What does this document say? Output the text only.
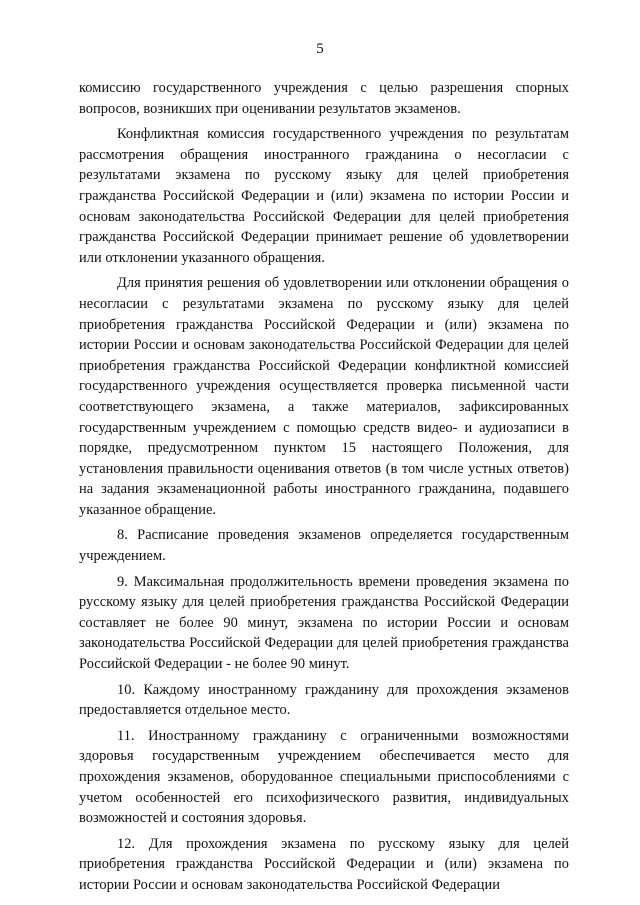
5

комиссию государственного учреждения с целью разрешения спорных вопросов, возникших при оценивании результатов экзаменов.

Конфликтная комиссия государственного учреждения по результатам рассмотрения обращения иностранного гражданина о несогласии с результатами экзамена по русскому языку для целей приобретения гражданства Российской Федерации и (или) экзамена по истории России и основам законодательства Российской Федерации для целей приобретения гражданства Российской Федерации принимает решение об удовлетворении или отклонении указанного обращения.

Для принятия решения об удовлетворении или отклонении обращения о несогласии с результатами экзамена по русскому языку для целей приобретения гражданства Российской Федерации и (или) экзамена по истории России и основам законодательства Российской Федерации для целей приобретения гражданства Российской Федерации конфликтной комиссией государственного учреждения осуществляется проверка письменной части соответствующего экзамена, а также материалов, зафиксированных государственным учреждением с помощью средств видео- и аудиозаписи в порядке, предусмотренном пунктом 15 настоящего Положения, для установления правильности оценивания ответов (в том числе устных ответов) на задания экзаменационной работы иностранного гражданина, подавшего указанное обращение.

8. Расписание проведения экзаменов определяется государственным учреждением.

9. Максимальная продолжительность времени проведения экзамена по русскому языку для целей приобретения гражданства Российской Федерации составляет не более 90 минут, экзамена по истории России и основам законодательства Российской Федерации для целей приобретения гражданства Российской Федерации - не более 90 минут.

10. Каждому иностранному гражданину для прохождения экзаменов предоставляется отдельное место.

11. Иностранному гражданину с ограниченными возможностями здоровья государственным учреждением обеспечивается место для прохождения экзаменов, оборудованное специальными приспособлениями с учетом особенностей его психофизического развития, индивидуальных возможностей и состояния здоровья.

12. Для прохождения экзамена по русскому языку для целей приобретения гражданства Российской Федерации и (или) экзамена по истории России и основам законодательства Российской Федерации
